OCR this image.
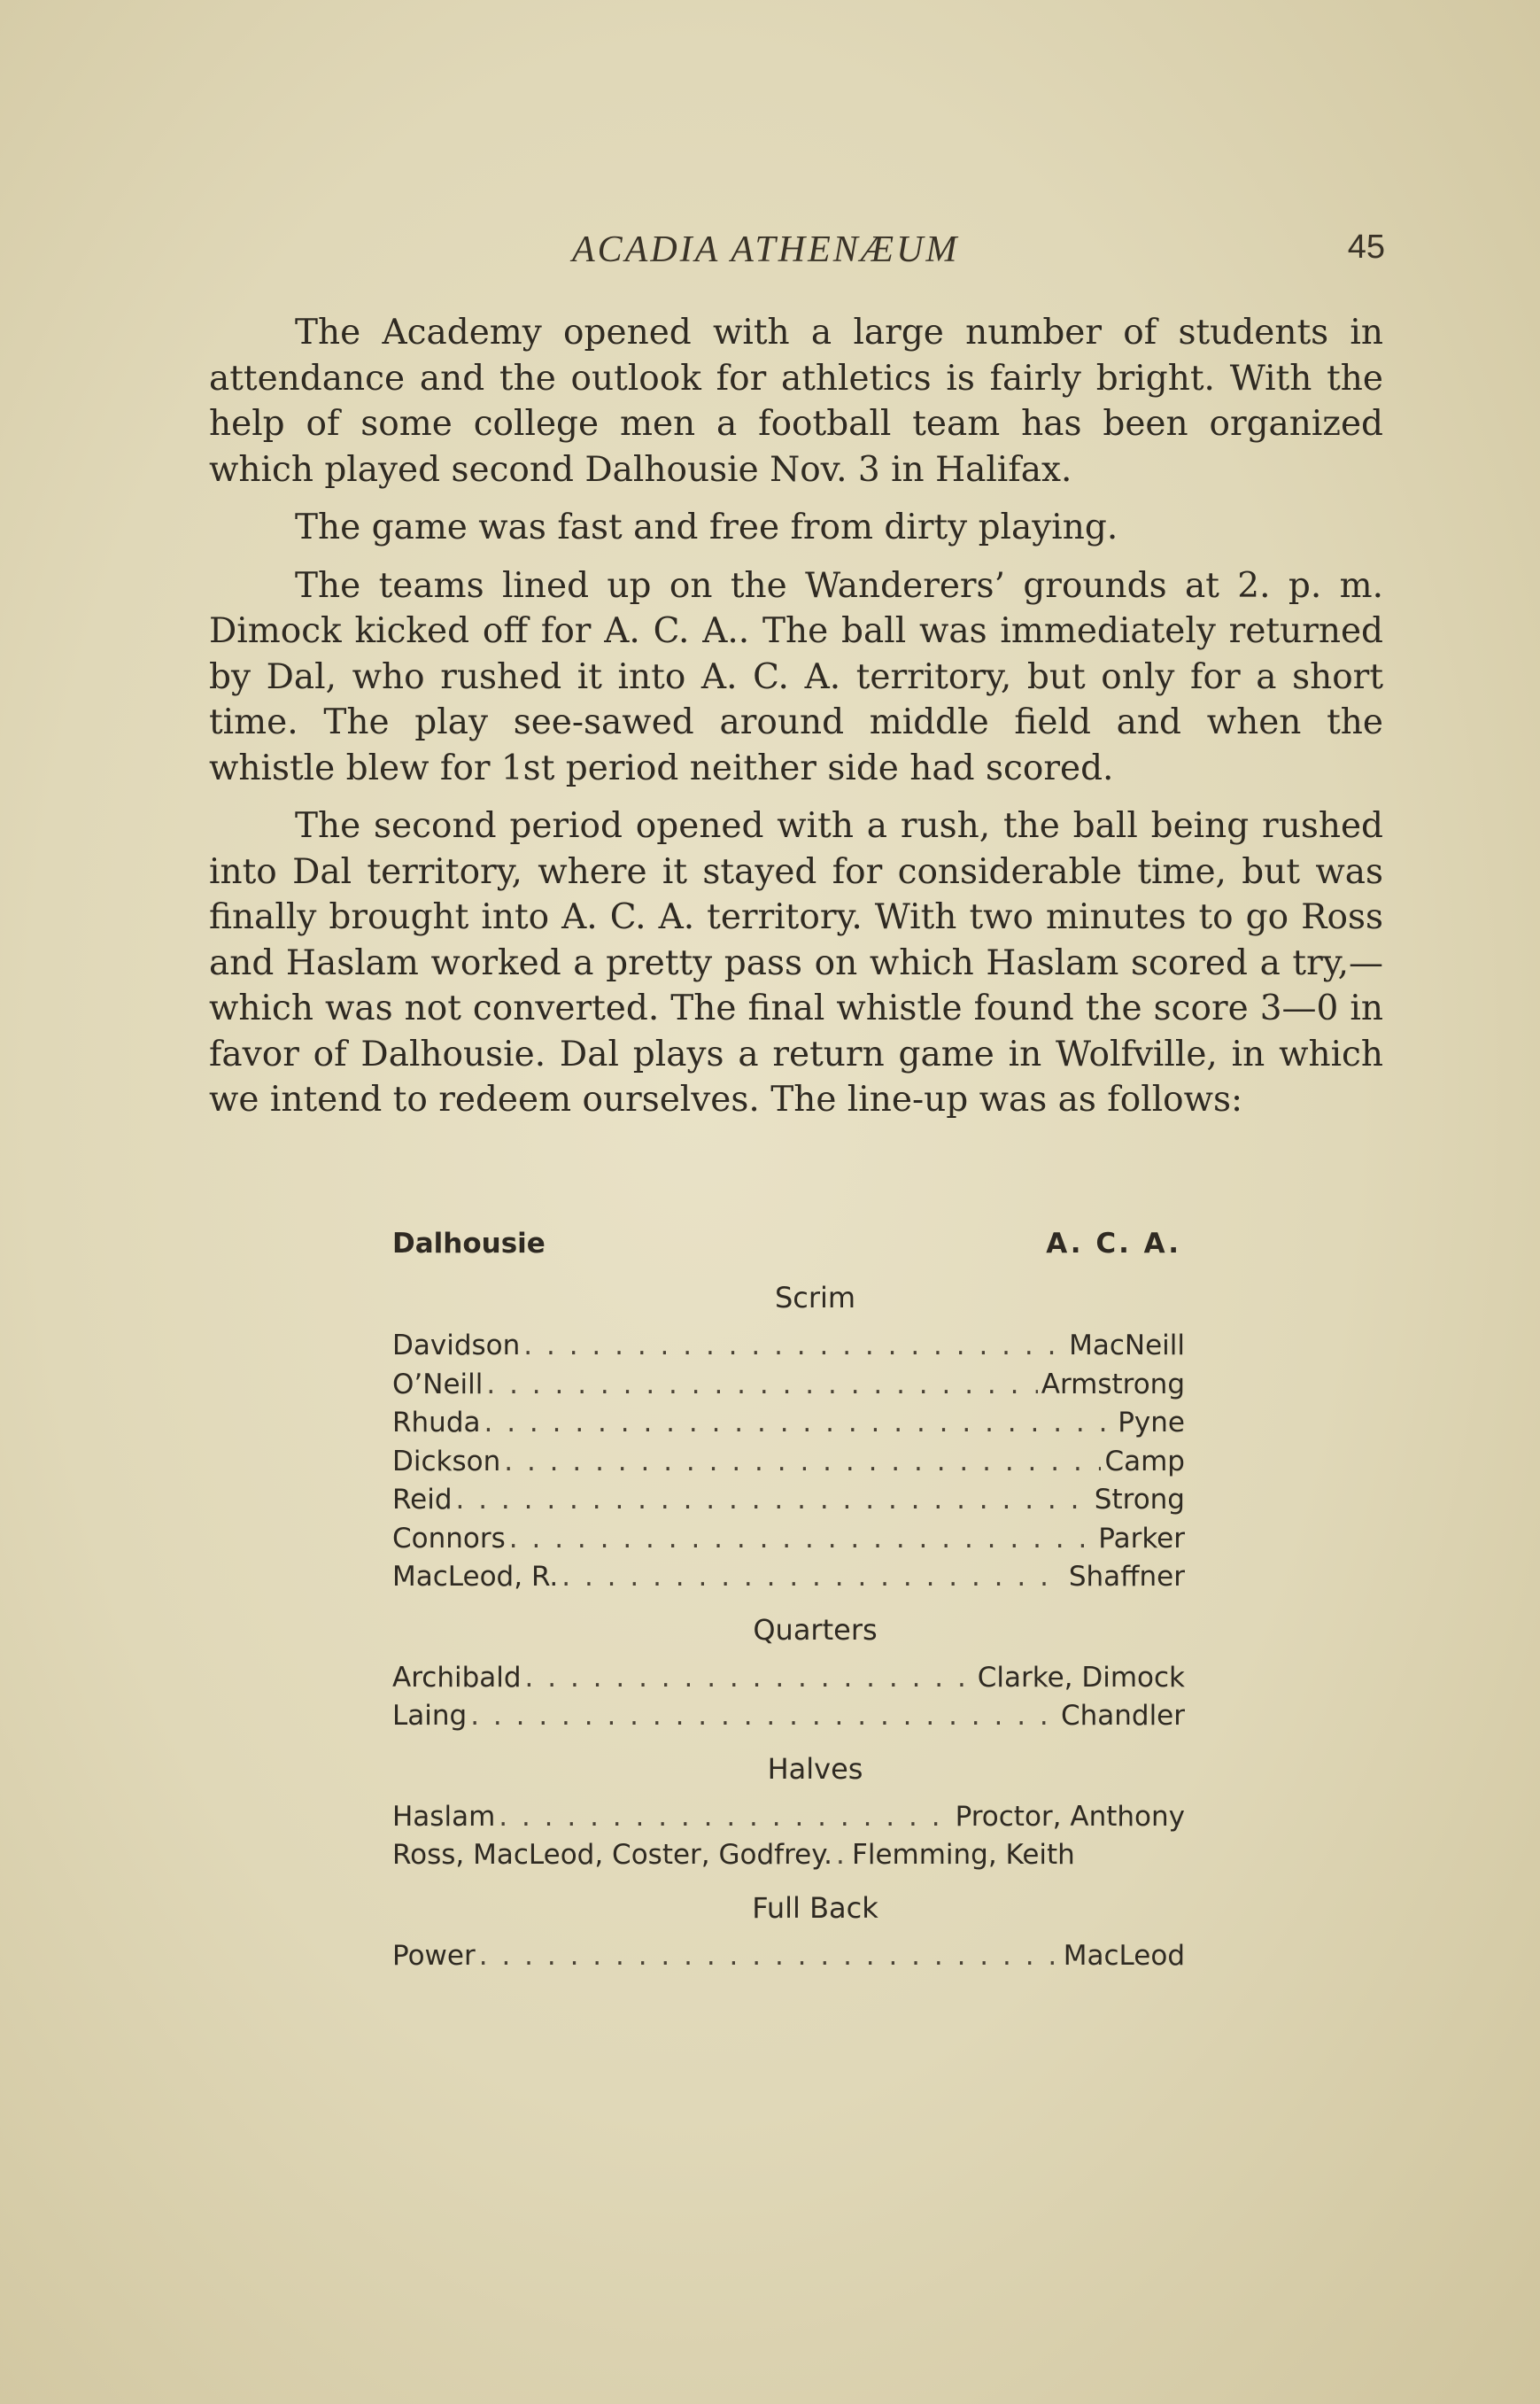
ACADIA ATHENÆUM	45

The Academy opened with a large number of students in attendance and the outlook for athletics is fairly bright. With the help of some college men a football team has been organized which played second Dalhousie Nov. 3 in Halifax.

The game was fast and free from dirty playing.

The teams lined up on the Wanderers’ grounds at 2. p. m. Dimock kicked off for A. C. A.. The ball was immediately returned by Dal, who rushed it into A. C. A. territory, but only for a short time. The play see-sawed around middle field and when the whistle blew for 1st period neither side had scored.

The second period opened with a rush, the ball being rushed into Dal territory, where it stayed for considerable time, but was finally brought into A. C. A. territory. With two minutes to go Ross and Haslam worked a pretty pass on which Haslam scored a try,—which was not converted. The final whistle found the score 3—0 in favor of Dalhousie. Dal plays a return game in Wolfville, in which we intend to redeem ourselves. The line-up was as follows:

Dalhousie	A. C. A.
Scrim
Davidson . . .	MacNeill
O’Neill . . .	Armstrong
Rhuda . . .	Pyne
Dickson . . .	Camp
Reid . . .	Strong
Connors . . .	Parker
MacLeod, R. . . .	Shaffner
Quarters
Archibald . . .	Clarke, Dimock
Laing . . .	Chandler
Halves
Haslam . . .	Proctor, Anthony
Ross, MacLeod, Coster, Godfrey. . . . Flemming, Keith
Full Back
Power . . .	MacLeod
